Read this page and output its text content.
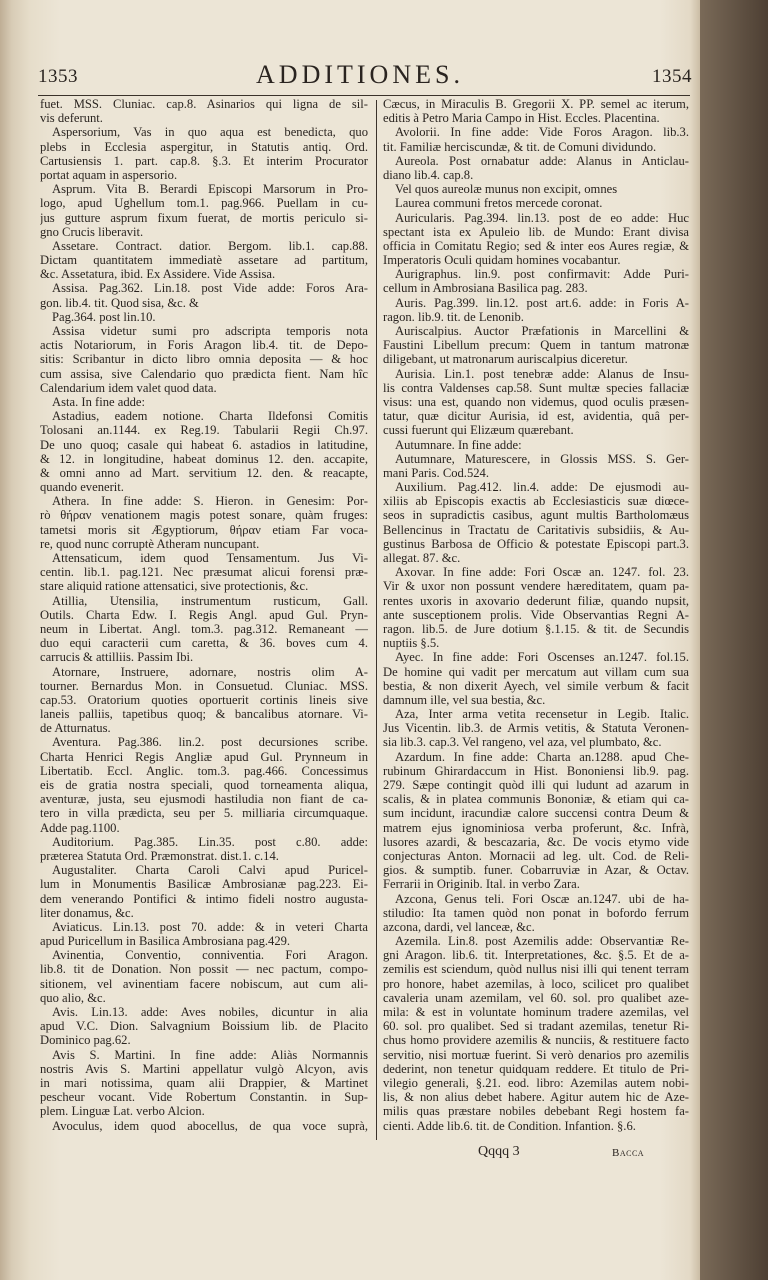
1353	ADDITIONES.	1354
fuet. MSS. Cluniac. cap.8. Asinarios qui ligna de sil-
vis deferunt.
Aspersorium, Vas in quo aqua est benedicta, quo
plebs in Ecclesia aspergitur, in Statutis antiq. Ord.
Cartusiensis 1. part. cap.8. §.3. Et interim Procurator
portat aquam in aspersorio.
Asprum. Vita B. Berardi Episcopi Marsorum in Pro-
logo, apud Ughellum tom.1. pag.966. Puellam in cu-
jus gutture asprum fixum fuerat, de mortis periculo si-
gno Crucis liberavit.
Assetare. Contract. datior. Bergom. lib.1. cap.88.
Dictam quantitatem immediatè assetare ad partitum,
&c. Assetatura, ibid. Ex Assidere. Vide Assisa.
Assisa. Pag.362. Lin.18. post Vide adde: Foros Ara-
gon. lib.4. tit. Quod sisa, &c. &
Pag.364. post lin.10.
Assisa videtur sumi pro adscripta temporis nota
actis Notariorum, in Foris Aragon lib.4. tit. de Depo-
sitis: Scribantur in dicto libro omnia deposita — & hoc
cum assisa, sive Calendario quo prædicta fient. Nam hîc
Calendarium idem valet quod data.
Asta. In fine adde:
Astadius, eadem notione. Charta Ildefonsi Comitis
Tolosani an.1144. ex Reg.19. Tabularii Regii Ch.97.
De uno quoq; casale qui habeat 6. astadios in latitudine,
& 12. in longitudine, habeat dominus 12. den. accapite,
& omni anno ad Mart. servitium 12. den. & reacapte,
quando evenerit.
Athera. In fine adde: S. Hieron. in Genesim: Por-
rò θήραν venationem magis potest sonare, quàm fruges:
tametsi moris sit Ægyptiorum, θήραν etiam Far voca-
re, quod nunc corruptè Atheram nuncupant.
Attensaticum, idem quod Tensamentum. Jus Vi-
centin. lib.1. pag.121. Nec præsumat alicui forensi præ-
stare aliquid ratione attensatici, sive protectionis, &c.
Atillia, Utensilia, instrumentum rusticum, Gall.
Outils. Charta Edw. I. Regis Angl. apud Gul. Pryn-
neum in Libertat. Angl. tom.3. pag.312. Remaneant —
duo equi caracterii cum caretta, & 36. boves cum 4.
carrucis & attilliis. Passim Ibi.
Atornare, Instruere, adornare, nostris olim A-
tourner. Bernardus Mon. in Consuetud. Cluniac. MSS.
cap.53. Oratorium quoties oportuerit cortinis lineis sive
laneis palliis, tapetibus quoq; & bancalibus atornare. Vi-
de Atturnatus.
Aventura. Pag.386. lin.2. post decursiones scribe.
Charta Henrici Regis Angliæ apud Gul. Prynneum in
Libertatib. Eccl. Anglic. tom.3. pag.466. Concessimus
eis de gratia nostra speciali, quod torneamenta aliqua,
aventuræ, justa, seu ejusmodi hastiludia non fiant de ca-
tero in villa prædicta, seu per 5. milliaria circumquaque.
Adde pag.1100.
Auditorium. Pag.385. Lin.35. post c.80. adde:
præterea Statuta Ord. Præmonstrat. dist.1. c.14.
Augustaliter. Charta Caroli Calvi apud Puricel-
lum in Monumentis Basilicæ Ambrosianæ pag.223. Ei-
dem venerando Pontifici & intimo fideli nostro augusta-
liter donamus, &c.
Aviaticus. Lin.13. post 70. adde: & in veteri Charta
apud Puricellum in Basilica Ambrosiana pag.429.
Avinentia, Conventio, conniventia. Fori Aragon.
lib.8. tit de Donation. Non possit — nec pactum, compo-
sitionem, vel avinentiam facere nobiscum, aut cum ali-
quo alio, &c.
Avis. Lin.13. adde: Aves nobiles, dicuntur in alia
apud V.C. Dion. Salvagnium Boissium lib. de Placito
Dominico pag.62.
Avis S. Martini. In fine adde: Aliàs Normannis
nostris Avis S. Martini appellatur vulgò Alcyon, avis
in mari notissima, quam alii Drappier, & Martinet
pescheur vocant. Vide Robertum Constantin. in Sup-
plem. Linguæ Lat. verbo Alcion.
Avoculus, idem quod abocellus, de qua voce suprà,
Cæcus, in Miraculis B. Gregorii X. PP. semel ac iterum,
editis à Petro Maria Campo in Hist. Eccles. Placentina.
Avolorii. In fine adde: Vide Foros Aragon. lib.3.
tit. Familiæ herciscundæ, & tit. de Comuni dividundo.
Aureola. Post ornabatur adde: Alanus in Anticlau-
diano lib.4. cap.8.
Vel quos aureolæ munus non excipit, omnes
Laurea communi fretos mercede coronat.
Auricularis. Pag.394. lin.13. post de eo adde: Huc
spectant ista ex Apuleio lib. de Mundo: Erant divisa
officia in Comitatu Regio; sed & inter eos Aures regiæ, &
Imperatoris Oculi quidam homines vocabantur.
Aurigraphus. lin.9. post confirmavit: Adde Puri-
cellum in Ambrosiana Basilica pag. 283.
Auris. Pag.399. lin.12. post art.6. adde: in Foris A-
ragon. lib.9. tit. de Lenonib.
Auriscalpius. Auctor Præfationis in Marcellini &
Faustini Libellum precum: Quem in tantum matronæ
diligebant, ut matronarum auriscalpius diceretur.
Aurisia. Lin.1. post tenebræ adde: Alanus de Insu-
lis contra Valdenses cap.58. Sunt multæ species fallaciæ
visus: una est, quando non videmus, quod oculis præsen-
tatur, quæ dicitur Aurisia, id est, avidentia, quâ per-
cussi fuerunt qui Elizæum quærebant.
Autumnare. In fine adde:
Autumnare, Maturescere, in Glossis MSS. S. Ger-
mani Paris. Cod.524.
Auxilium. Pag.412. lin.4. adde: De ejusmodi au-
xiliis ab Episcopis exactis ab Ecclesiasticis suæ diœce-
seos in supradictis casibus, agunt multis Bartholomæus
Bellencinus in Tractatu de Caritativis subsidiis, & Au-
gustinus Barbosa de Officio & potestate Episcopi part.3.
allegat. 87. &c.
Axovar. In fine adde: Fori Oscæ an. 1247. fol. 23.
Vir & uxor non possunt vendere hæreditatem, quam pa-
rentes uxoris in axovario dederunt filiæ, quando nupsit,
ante susceptionem prolis. Vide Observantias Regni A-
ragon. lib.5. de Jure dotium §.1.15. & tit. de Secundis
nuptiis §.5.
Ayec. In fine adde: Fori Oscenses an.1247. fol.15.
De homine qui vadit per mercatum aut villam cum sua
bestia, & non dixerit Ayech, vel simile verbum & facit
damnum ille, vel sua bestia, &c.
Aza, Inter arma vetita recensetur in Legib. Italic.
Jus Vicentin. lib.3. de Armis vetitis, & Statuta Veronen-
sia lib.3. cap.3. Vel rangeno, vel aza, vel plumbato, &c.
Azardum. In fine adde: Charta an.1288. apud Che-
rubinum Ghirardaccum in Hist. Bononiensi lib.9. pag.
279. Sæpe contingit quòd illi qui ludunt ad azarum in
scalis, & in platea communis Bononiæ, & etiam qui ca-
sum incidunt, iracundiæ calore succensi contra Deum &
matrem ejus ignominiosa verba proferunt, &c. Infrà,
lusores azardi, & bescazaria, &c. De vocis etymo vide
conjecturas Anton. Mornacii ad leg. ult. Cod. de Reli-
gios. & sumptib. funer. Cobarruviæ in Azar, & Octav.
Ferrarii in Originib. Ital. in verbo Zara.
Azcona, Genus teli. Fori Oscæ an.1247. ubi de ha-
stiludio: Ita tamen quòd non ponat in bofordo ferrum
azcona, dardi, vel lanceæ, &c.
Azemila. Lin.8. post Azemilis adde: Observantiæ Re-
gni Aragon. lib.6. tit. Interpretationes, &c. §.5. Et de a-
zemilis est sciendum, quòd nullus nisi illi qui tenent terram
pro honore, habet azemilas, à loco, scilicet pro qualibet
cavaleria unam azemilam, vel 60. sol. pro qualibet aze-
mila: & est in voluntate hominum tradere azemilas, vel
60. sol. pro qualibet. Sed si tradant azemilas, tenetur Ri-
chus homo providere azemilis & nunciis, & restituere facto
servitio, nisi mortuæ fuerint. Si verò denarios pro azemilis
dederint, non tenetur quidquam reddere. Et titulo de Pri-
vilegio generali, §.21. eod. libro: Azemilas autem nobi-
lis, & non alius debet habere. Agitur autem hic de Aze-
milis quas præstare nobiles debebant Regi hostem fa-
cienti. Adde lib.6. tit. de Condition. Infantion. §.6.
Qqqq 3	Bacca
